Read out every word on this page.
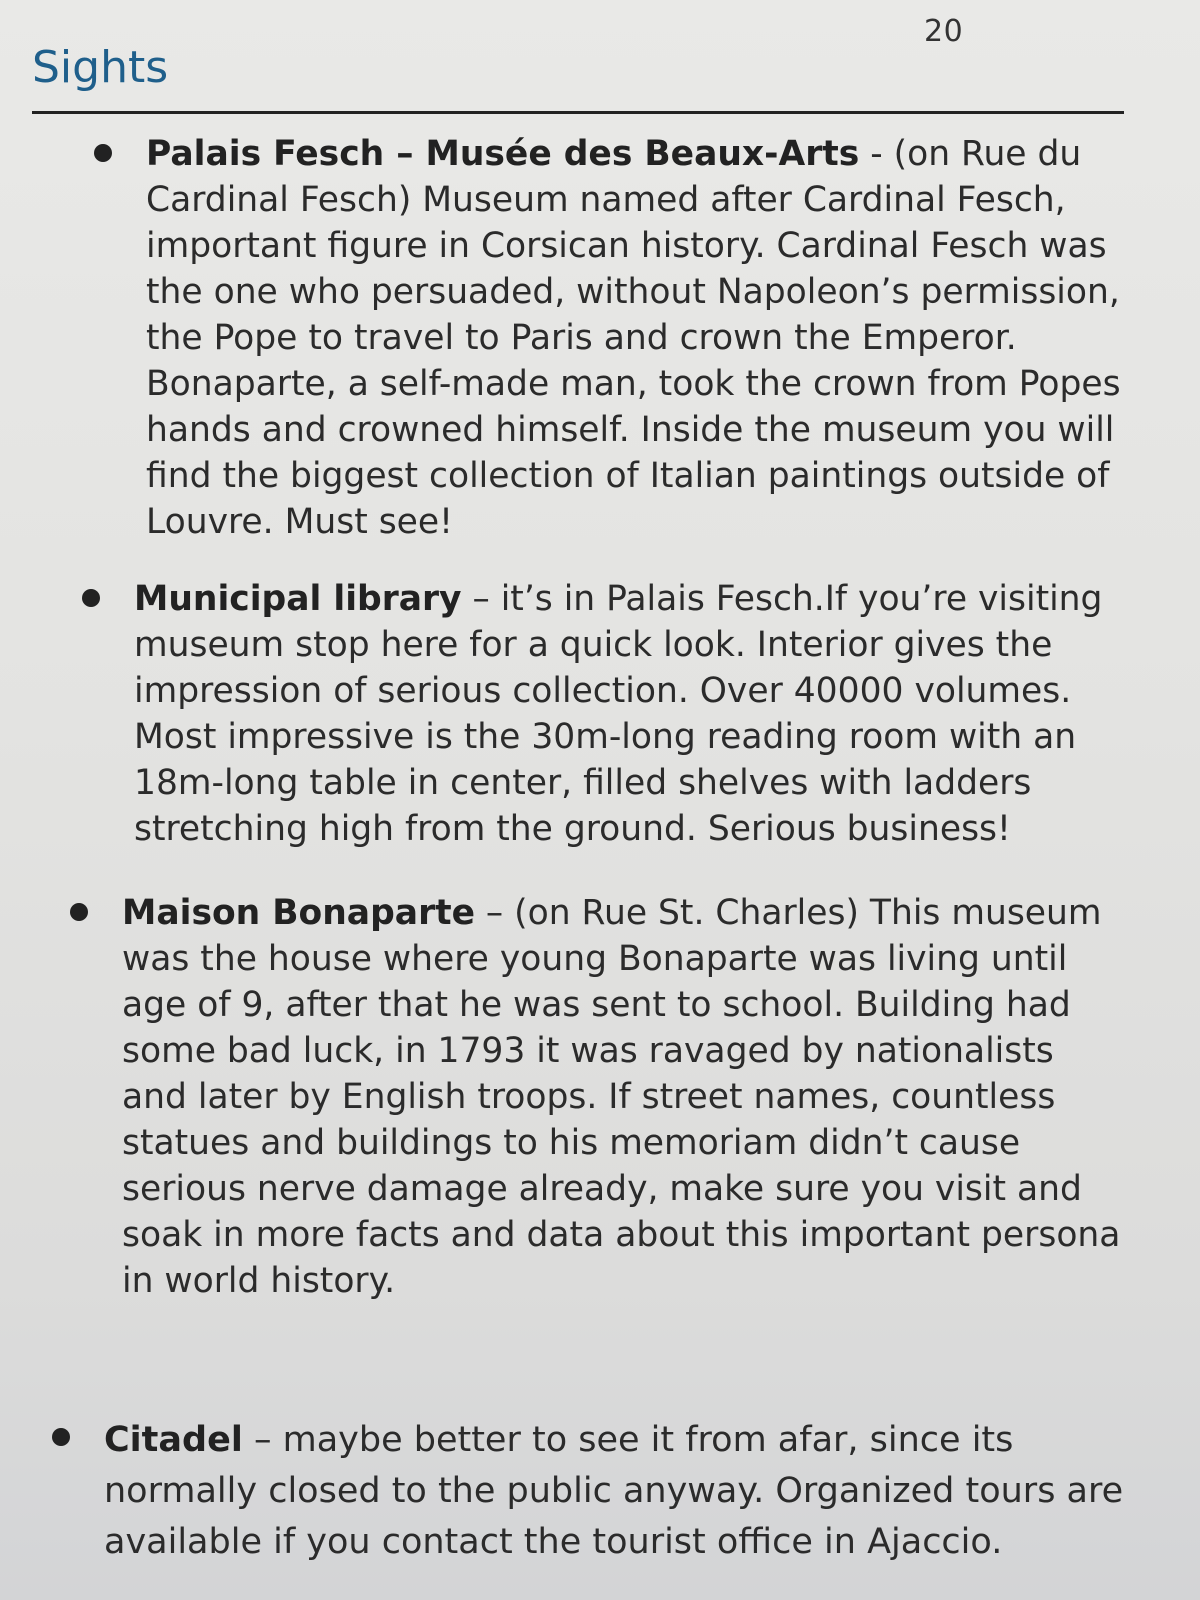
20
Sights
Palais Fesch – Musée des Beaux-Arts - (on Rue du Cardinal Fesch) Museum named after Cardinal Fesch, important figure in Corsican history. Cardinal Fesch was the one who persuaded, without Napoleon’s permission, the Pope to travel to Paris and crown the Emperor. Bonaparte, a self-made man, took the crown from Popes hands and crowned himself. Inside the museum you will find the biggest collection of Italian paintings outside of Louvre. Must see!
Municipal library – it’s in Palais Fesch.If you’re visiting museum stop here for a quick look. Interior gives the impression of serious collection. Over 40000 volumes. Most impressive is the 30m-long reading room with an 18m-long table in center, filled shelves with ladders stretching high from the ground. Serious business!
Maison Bonaparte – (on Rue St. Charles) This museum was the house where young Bonaparte was living until age of 9, after that he was sent to school. Building had some bad luck, in 1793 it was ravaged by nationalists and later by English troops. If street names, countless statues and buildings to his memoriam didn’t cause serious nerve damage already, make sure you visit and soak in more facts and data about this important persona in world history.
Citadel – maybe better to see it from afar, since its normally closed to the public anyway. Organized tours are available if you contact the tourist office in Ajaccio.
